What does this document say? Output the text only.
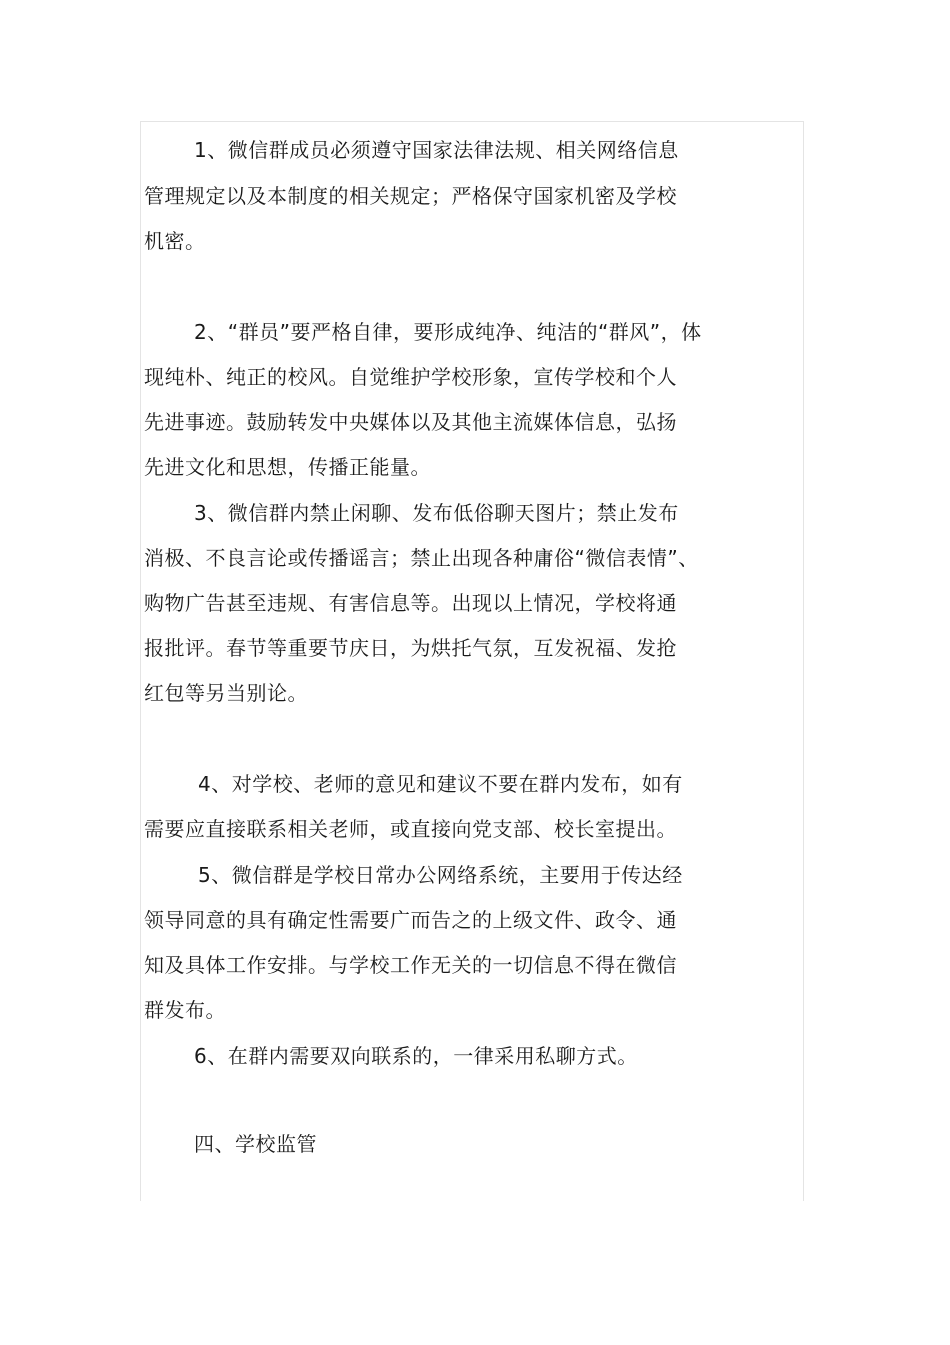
1、微信群成员必须遵守国家法律法规、相关网络信息
管理规定以及本制度的相关规定；严格保守国家机密及学校
机密。
2、“群员”要严格自律，要形成纯净、纯洁的“群风”，体
现纯朴、纯正的校风。自觉维护学校形象，宣传学校和个人
先进事迹。鼓励转发中央媒体以及其他主流媒体信息，弘扬
先进文化和思想，传播正能量。
3、微信群内禁止闲聊、发布低俗聊天图片；禁止发布
消极、不良言论或传播谣言；禁止出现各种庸俗“微信表情”、
购物广告甚至违规、有害信息等。出现以上情况，学校将通
报批评。春节等重要节庆日，为烘托气氛，互发祝福、发抢
红包等另当别论。
4、对学校、老师的意见和建议不要在群内发布，如有
需要应直接联系相关老师，或直接向党支部、校长室提出。
5、微信群是学校日常办公网络系统，主要用于传达经
领导同意的具有确定性需要广而告之的上级文件、政令、通
知及具体工作安排。与学校工作无关的一切信息不得在微信
群发布。
6、在群内需要双向联系的，一律采用私聊方式。
四、学校监管
